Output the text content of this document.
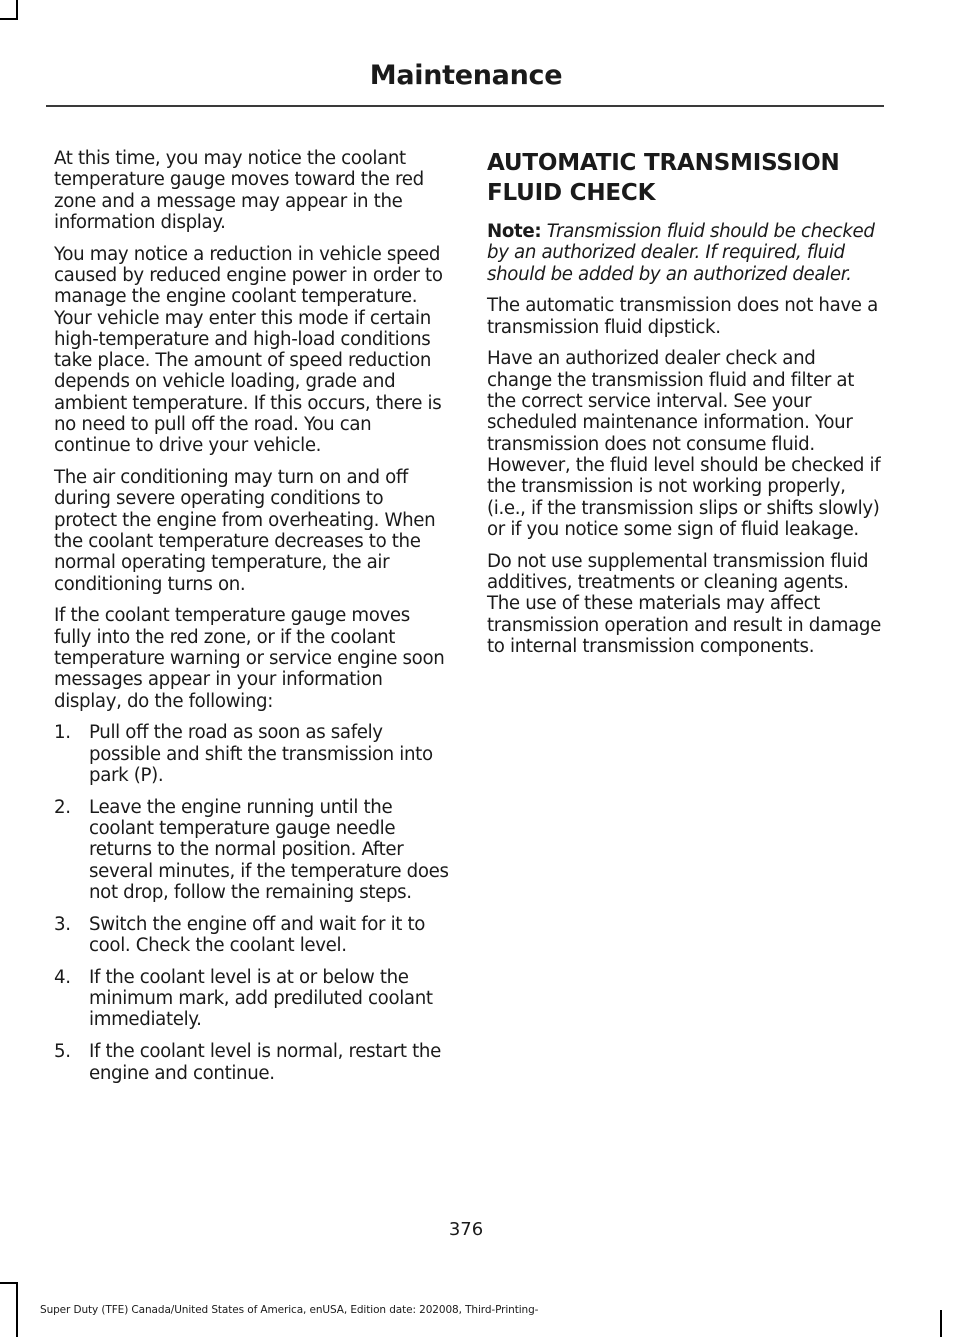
Maintenance

At this time, you may notice the coolant temperature gauge moves toward the red zone and a message may appear in the information display.

You may notice a reduction in vehicle speed caused by reduced engine power in order to manage the engine coolant temperature. Your vehicle may enter this mode if certain high-temperature and high-load conditions take place. The amount of speed reduction depends on vehicle loading, grade and ambient temperature. If this occurs, there is no need to pull off the road. You can continue to drive your vehicle.

The air conditioning may turn on and off during severe operating conditions to protect the engine from overheating. When the coolant temperature decreases to the normal operating temperature, the air conditioning turns on.

If the coolant temperature gauge moves fully into the red zone, or if the coolant temperature warning or service engine soon messages appear in your information display, do the following:

1. Pull off the road as soon as safely possible and shift the transmission into park (P).
2. Leave the engine running until the coolant temperature gauge needle returns to the normal position. After several minutes, if the temperature does not drop, follow the remaining steps.
3. Switch the engine off and wait for it to cool. Check the coolant level.
4. If the coolant level is at or below the minimum mark, add prediluted coolant immediately.
5. If the coolant level is normal, restart the engine and continue.
AUTOMATIC TRANSMISSION FLUID CHECK

Note: Transmission fluid should be checked by an authorized dealer. If required, fluid should be added by an authorized dealer.

The automatic transmission does not have a transmission fluid dipstick.

Have an authorized dealer check and change the transmission fluid and filter at the correct service interval. See your scheduled maintenance information. Your transmission does not consume fluid. However, the fluid level should be checked if the transmission is not working properly, (i.e., if the transmission slips or shifts slowly) or if you notice some sign of fluid leakage.

Do not use supplemental transmission fluid additives, treatments or cleaning agents. The use of these materials may affect transmission operation and result in damage to internal transmission components.

376
Super Duty (TFE) Canada/United States of America, enUSA, Edition date: 202008, Third-Printing-
